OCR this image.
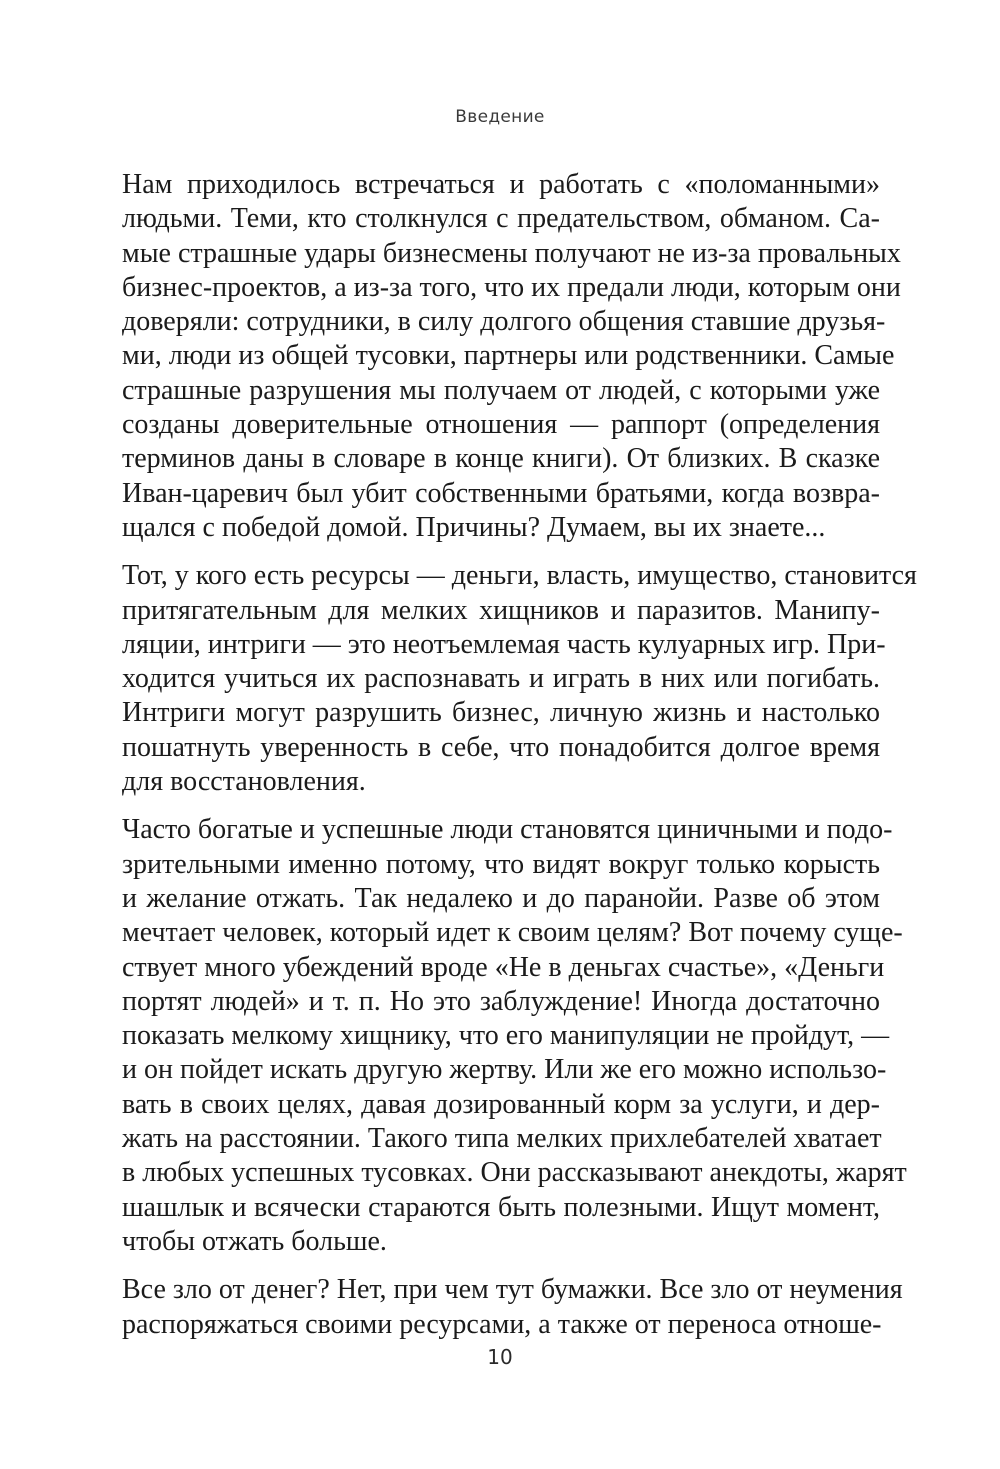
Введение

Нам приходилось встречаться и работать с «поломанными»
людьми. Теми, кто столкнулся с предательством, обманом. Са-
мые страшные удары бизнесмены получают не из-за провальных
бизнес-проектов, а из-за того, что их предали люди, которым они
доверяли: сотрудники, в силу долгого общения ставшие друзья-
ми, люди из общей тусовки, партнеры или родственники. Самые
страшные разрушения мы получаем от людей, с которыми уже
созданы доверительные отношения — раппорт (определения
терминов даны в словаре в конце книги). От близких. В сказке
Иван-царевич был убит собственными братьями, когда возвра-
щался с победой домой. Причины? Думаем, вы их знаете...

Тот, у кого есть ресурсы — деньги, власть, имущество, становится
притягательным для мелких хищников и паразитов. Манипу-
ляции, интриги — это неотъемлемая часть кулуарных игр. При-
ходится учиться их распознавать и играть в них или погибать.
Интриги могут разрушить бизнес, личную жизнь и настолько
пошатнуть уверенность в себе, что понадобится долгое время
для восстановления.

Часто богатые и успешные люди становятся циничными и подо-
зрительными именно потому, что видят вокруг только корысть
и желание отжать. Так недалеко и до паранойи. Разве об этом
мечтает человек, который идет к своим целям? Вот почему суще-
ствует много убеждений вроде «Не в деньгах счастье», «Деньги
портят людей» и т. п. Но это заблуждение! Иногда достаточно
показать мелкому хищнику, что его манипуляции не пройдут, —
и он пойдет искать другую жертву. Или же его можно использо-
вать в своих целях, давая дозированный корм за услуги, и дер-
жать на расстоянии. Такого типа мелких прихлебателей хватает
в любых успешных тусовках. Они рассказывают анекдоты, жарят
шашлык и всячески стараются быть полезными. Ищут момент,
чтобы отжать больше.

Все зло от денег? Нет, при чем тут бумажки. Все зло от неумения
распоряжаться своими ресурсами, а также от переноса отноше-

10
